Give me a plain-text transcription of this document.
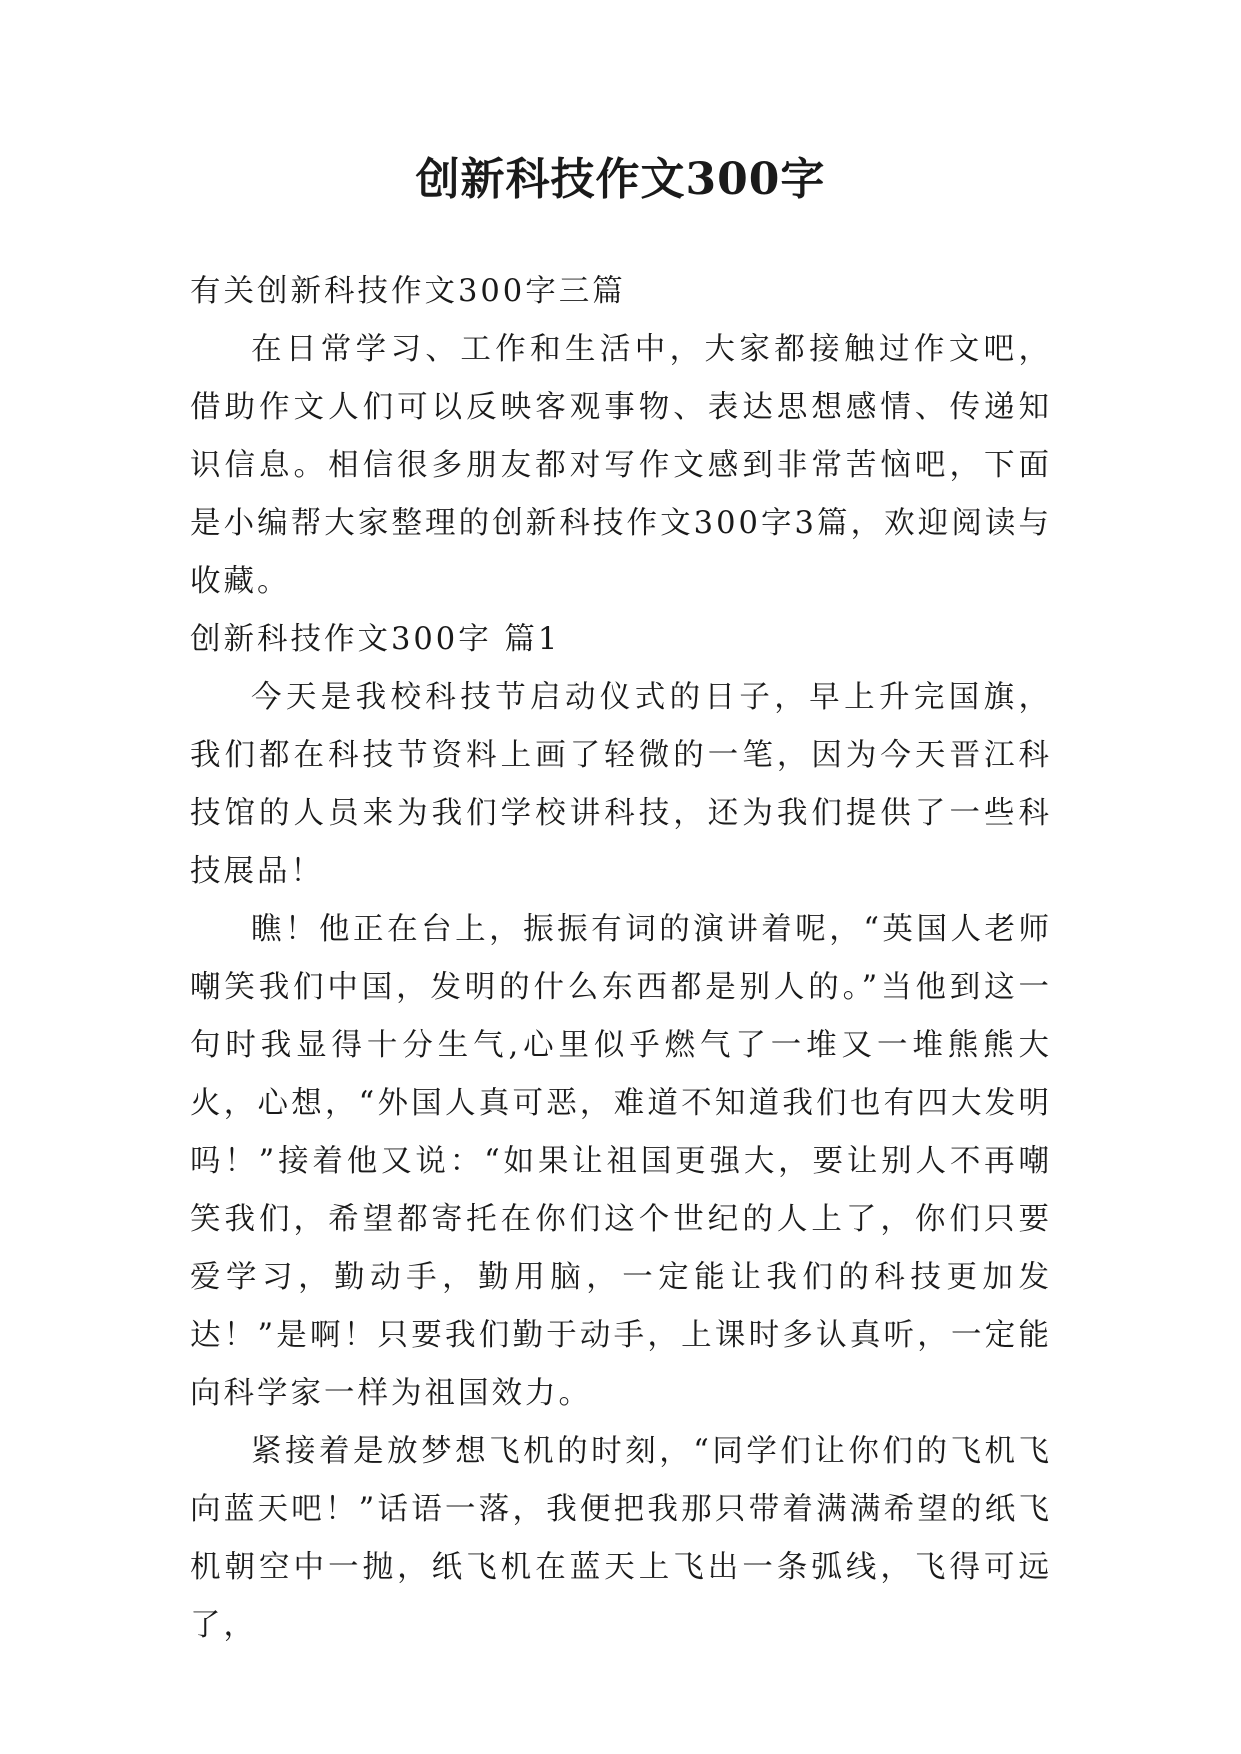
创新科技作文300字

有关创新科技作文300字三篇

在日常学习、工作和生活中，大家都接触过作文吧，借助作文人们可以反映客观事物、表达思想感情、传递知识信息。相信很多朋友都对写作文感到非常苦恼吧，下面是小编帮大家整理的创新科技作文300字3篇，欢迎阅读与收藏。

创新科技作文300字 篇1

今天是我校科技节启动仪式的日子，早上升完国旗，我们都在科技节资料上画了轻微的一笔，因为今天晋江科技馆的人员来为我们学校讲科技，还为我们提供了一些科技展品！

瞧！他正在台上，振振有词的演讲着呢，“英国人老师嘲笑我们中国，发明的什么东西都是别人的。”当他到这一句时我显得十分生气,心里似乎燃气了一堆又一堆熊熊大火，心想，“外国人真可恶，难道不知道我们也有四大发明吗！”接着他又说：“如果让祖国更强大，要让别人不再嘲笑我们，希望都寄托在你们这个世纪的人上了，你们只要爱学习，勤动手，勤用脑，一定能让我们的科技更加发达！”是啊！只要我们勤于动手，上课时多认真听，一定能向科学家一样为祖国效力。

紧接着是放梦想飞机的时刻，“同学们让你们的飞机飞向蓝天吧！”话语一落，我便把我那只带着满满希望的纸飞机朝空中一抛，纸飞机在蓝天上飞出一条弧线，飞得可远了，
